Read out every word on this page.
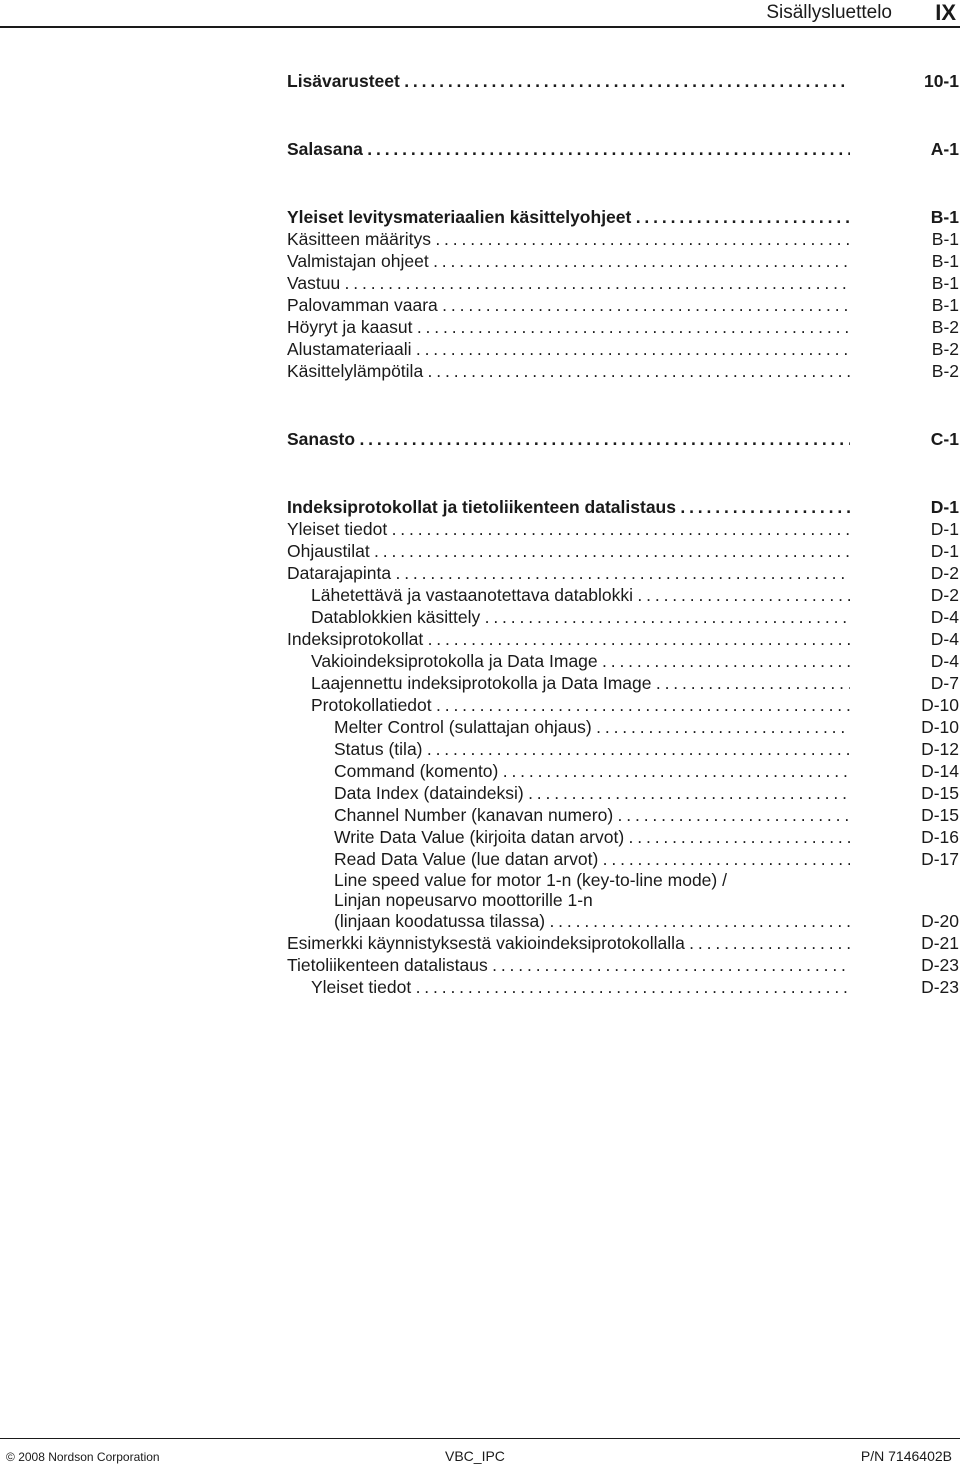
Sisällysluettelo IX
Lisävarusteet . . .	10-1
Salasana . . .	A-1
Yleiset levitysmateriaalien käsittelyohjeet . . .	B-1
Käsitteen määritys . . .	B-1
Valmistajan ohjeet . . .	B-1
Vastuu . . .	B-1
Palovamman vaara . . .	B-1
Höyryt ja kaasut . . .	B-2
Alustamateriaali . . .	B-2
Käsittelylämpötila . . .	B-2
Sanasto . . .	C-1
Indeksiprotokollat ja tietoliikenteen datalistaus . . .	D-1
Yleiset tiedot . . .	D-1
Ohjaustilat . . .	D-1
Datarajapinta . . .	D-2
Lähetettävä ja vastaanotettava datablokki . . .	D-2
Datablokkien käsittely . . .	D-4
Indeksiprotokollat . . .	D-4
Vakioindeksiprotokolla ja Data Image . . .	D-4
Laajennettu indeksiprotokolla ja Data Image . . .	D-7
Protokollatiedot . . .	D-10
Melter Control (sulattajan ohjaus) . . .	D-10
Status (tila) . . .	D-12
Command (komento) . . .	D-14
Data Index (dataindeksi) . . .	D-15
Channel Number (kanavan numero) . . .	D-15
Write Data Value (kirjoita datan arvot) . . .	D-16
Read Data Value (lue datan arvot) . . .	D-17
Line speed value for motor 1-n (key-to-line mode) /
Linjan nopeusarvo moottorille 1-n
(linjaan koodatussa tilassa) . . .	D-20
Esimerkki käynnistyksestä vakioindeksiprotokollalla . . .	D-21
Tietoliikenteen datalistaus . . .	D-23
Yleiset tiedot . . .	D-23
© 2008 Nordson Corporation	VBC_IPC	P/N 7146402B
